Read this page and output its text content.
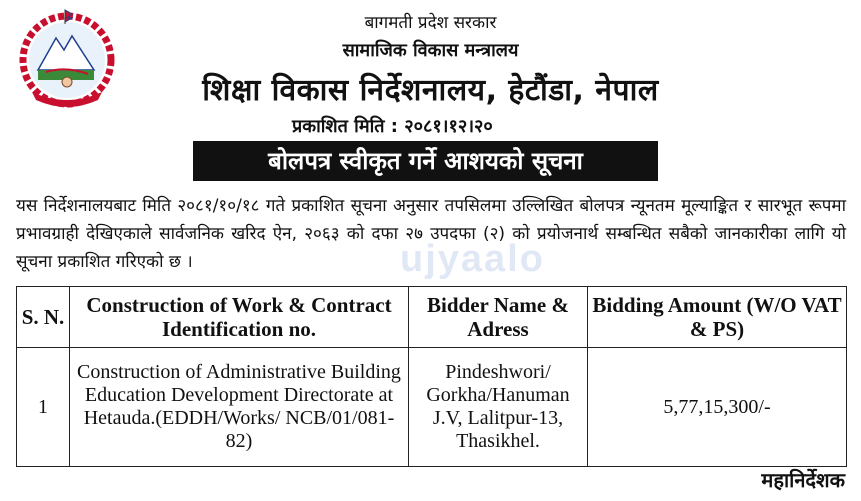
बागमती प्रदेश सरकार
सामाजिक विकास मन्त्रालय
शिक्षा विकास निर्देशनालय, हेटौंडा, नेपाल
प्रकाशित मिति : २०८१।१२।२०
बोलपत्र स्वीकृत गर्ने आशयको सूचना
यस निर्देशनालयबाट मिति २०८१/१०/१८ गते प्रकाशित सूचना अनुसार तपसिलमा उल्लिखित बोलपत्र न्यूनतम मूल्याङ्कित र सारभूत रूपमा प्रभावग्राही देखिएकाले सार्वजनिक खरिद ऐन, २०६३ को दफा २७ उपदफा (२) को प्रयोजनार्थ सम्बन्धित सबैको जानकारीका लागि यो सूचना प्रकाशित गरिएको छ ।	ujyaalo
S. N.	Construction of Work & Contract Identification no.	Bidder Name & Adress	Bidding Amount (W/O VAT & PS)
1	Construction of Administrative Building Education Development Directorate at Hetauda.(EDDH/Works/ NCB/01/081-82)	Pindeshwori/ Gorkha/Hanuman J.V, Lalitpur-13, Thasikhel.	5,77,15,300/-
महानिर्देशक
